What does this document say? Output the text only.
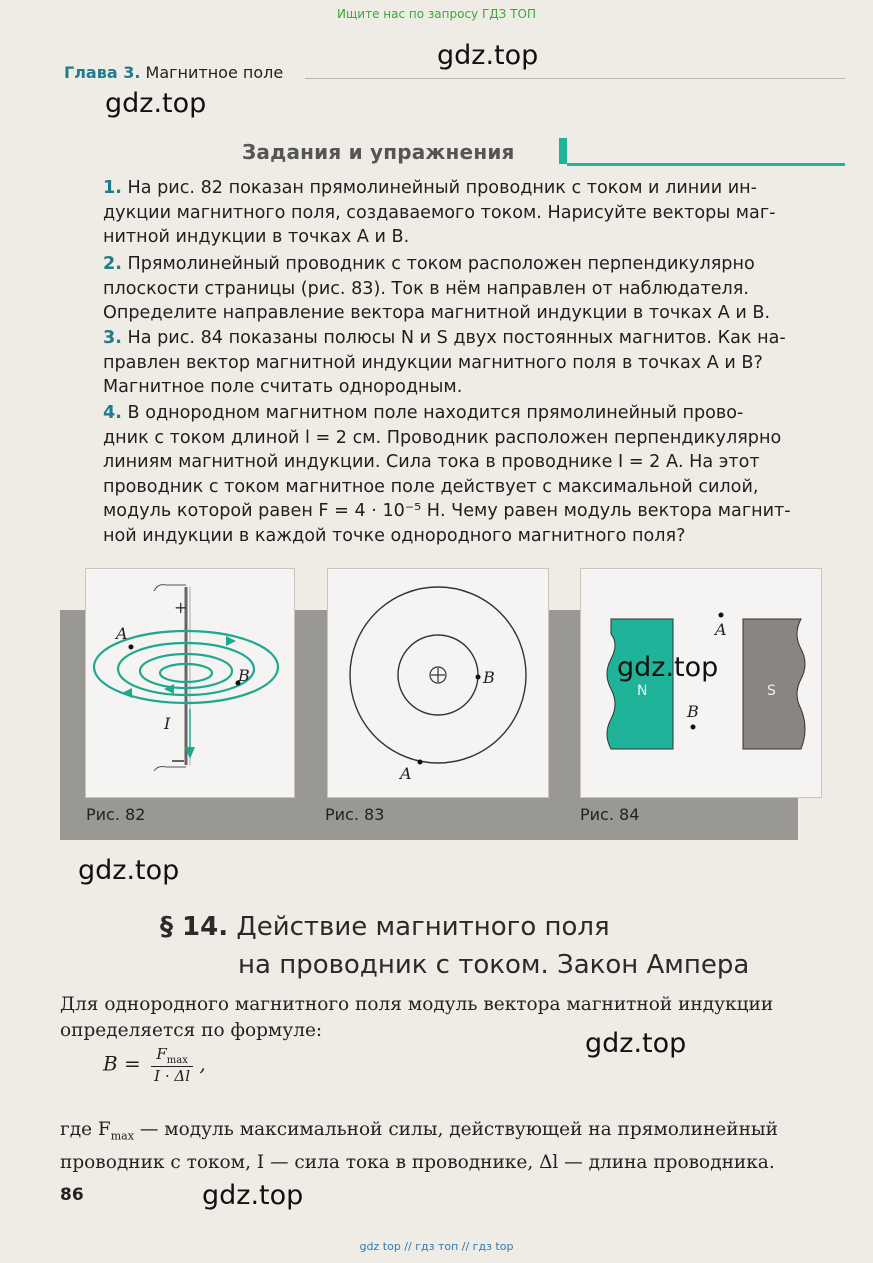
Ищите нас по запросу ГДЗ ТОП
Глава 3. Магнитное поле
gdz.top
gdz.top
Задания и упражнения
1. На рис. 82 показан прямолинейный проводник с током и линии ин-
дукции магнитного поля, создаваемого током. Нарисуйте векторы маг-
нитной индукции в точках A и B.
2. Прямолинейный проводник с током расположен перпендикулярно
плоскости страницы (рис. 83). Ток в нём направлен от наблюдателя.
Определите направление вектора магнитной индукции в точках A и B.
3. На рис. 84 показаны полюсы N и S двух постоянных магнитов. Как на-
правлен вектор магнитной индукции магнитного поля в точках A и B?
Магнитное поле считать однородным.
4. В однородном магнитном поле находится прямолинейный прово-
дник с током длиной l = 2 см. Проводник расположен перпендикулярно
линиям магнитной индукции. Сила тока в проводнике I = 2 А. На этот
проводник с током магнитное поле действует с максимальной силой,
модуль которой равен F = 4 · 10⁻⁵ Н. Чему равен модуль вектора магнит-
ной индукции в каждой точке однородного магнитного поля?
+
A
B
I
Рис. 82
B
A
Рис. 83
N	S
A
B
Рис. 84
gdz.top
gdz.top
§ 14. Действие магнитного поля
на проводник с током. Закон Ампера
Для однородного магнитного поля модуль вектора магнитной индукции
определяется по формуле:
$B = \frac{F_{max}}{I \cdot \Delta l}$ ,
gdz.top
где $F_{max}$ — модуль максимальной силы, действующей на прямолинейный
проводник с током, I — сила тока в проводнике, Δl — длина проводника.
86	gdz.top
gdz top // гдз топ // гдз top
